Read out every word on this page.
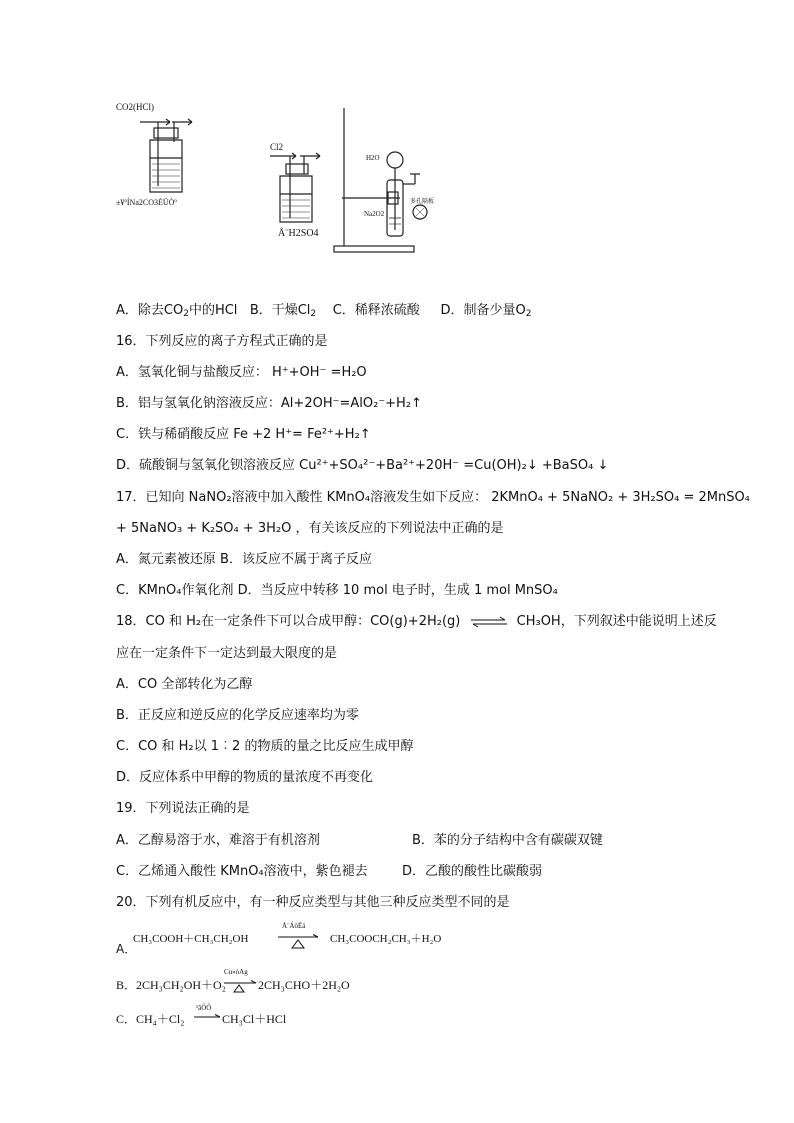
CO2(HCl)
±¥ºÍNa2CO3ÈÜÒº
Cl2
Å¨H2SO4
H2O
Na2O2
多孔隔板
A．除去$CO_2$中的HCl B．干燥$Cl_2$ C．稀释浓硫酸 D．制备少量$O_2$
16．下列反应的离子方程式正确的是
A．氢氧化铜与盐酸反应： H⁺+OH⁻ =H₂O
B．铝与氢氧化钠溶液反应：Al+2OH⁻=AlO₂⁻+H₂↑
C．铁与稀硝酸反应 Fe +2 H⁺= Fe²⁺+H₂↑
D．硫酸铜与氢氧化钡溶液反应 Cu²⁺+SO₄²⁻+Ba²⁺+20H⁻ =Cu(OH)₂↓ +BaSO₄ ↓
17．已知向 NaNO₂溶液中加入酸性 KMnO₄溶液发生如下反应： 2KMnO₄ + 5NaNO₂ + 3H₂SO₄ = 2MnSO₄
+ 5NaNO₃ + K₂SO₄ + 3H₂O ，有关该反应的下列说法中正确的是
A．氮元素被还原 B．该反应不属于离子反应
C．KMnO₄作氧化剂 D．当反应中转移 10 mol 电子时，生成 1 mol MnSO₄
18．CO 和 H₂在一定条件下可以合成甲醇：CO(g)+2H₂(g) ⇌ CH₃OH，下列叙述中能说明上述反
应在一定条件下一定达到最大限度的是
A．CO 全部转化为乙醇
B．正反应和逆反应的化学反应速率均为零
C．CO 和 H₂以 1︰2 的物质的量之比反应生成甲醇
D．反应体系中甲醇的物质的量浓度不再变化
19．下列说法正确的是
A．乙醇易溶于水，难溶于有机溶剂	B．苯的分子结构中含有碳碳双键
C．乙烯通入酸性 KMnO₄溶液中，紫色褪去	D．乙酸的酸性比碳酸弱
20．下列有机反应中，有一种反应类型与其他三种反应类型不同的是
A．
CH₃COOH＋CH₃CH₂OH
Å¨ÁòËá
CH₃COOCH₂CH₃＋H₂O
B．2CH₃CH₂OH＋O₂
Cu»òAg
2CH₃CHO＋2H₂O
C．CH₄＋Cl₂
¹âÕÕ
→ CH₃Cl＋HCl
